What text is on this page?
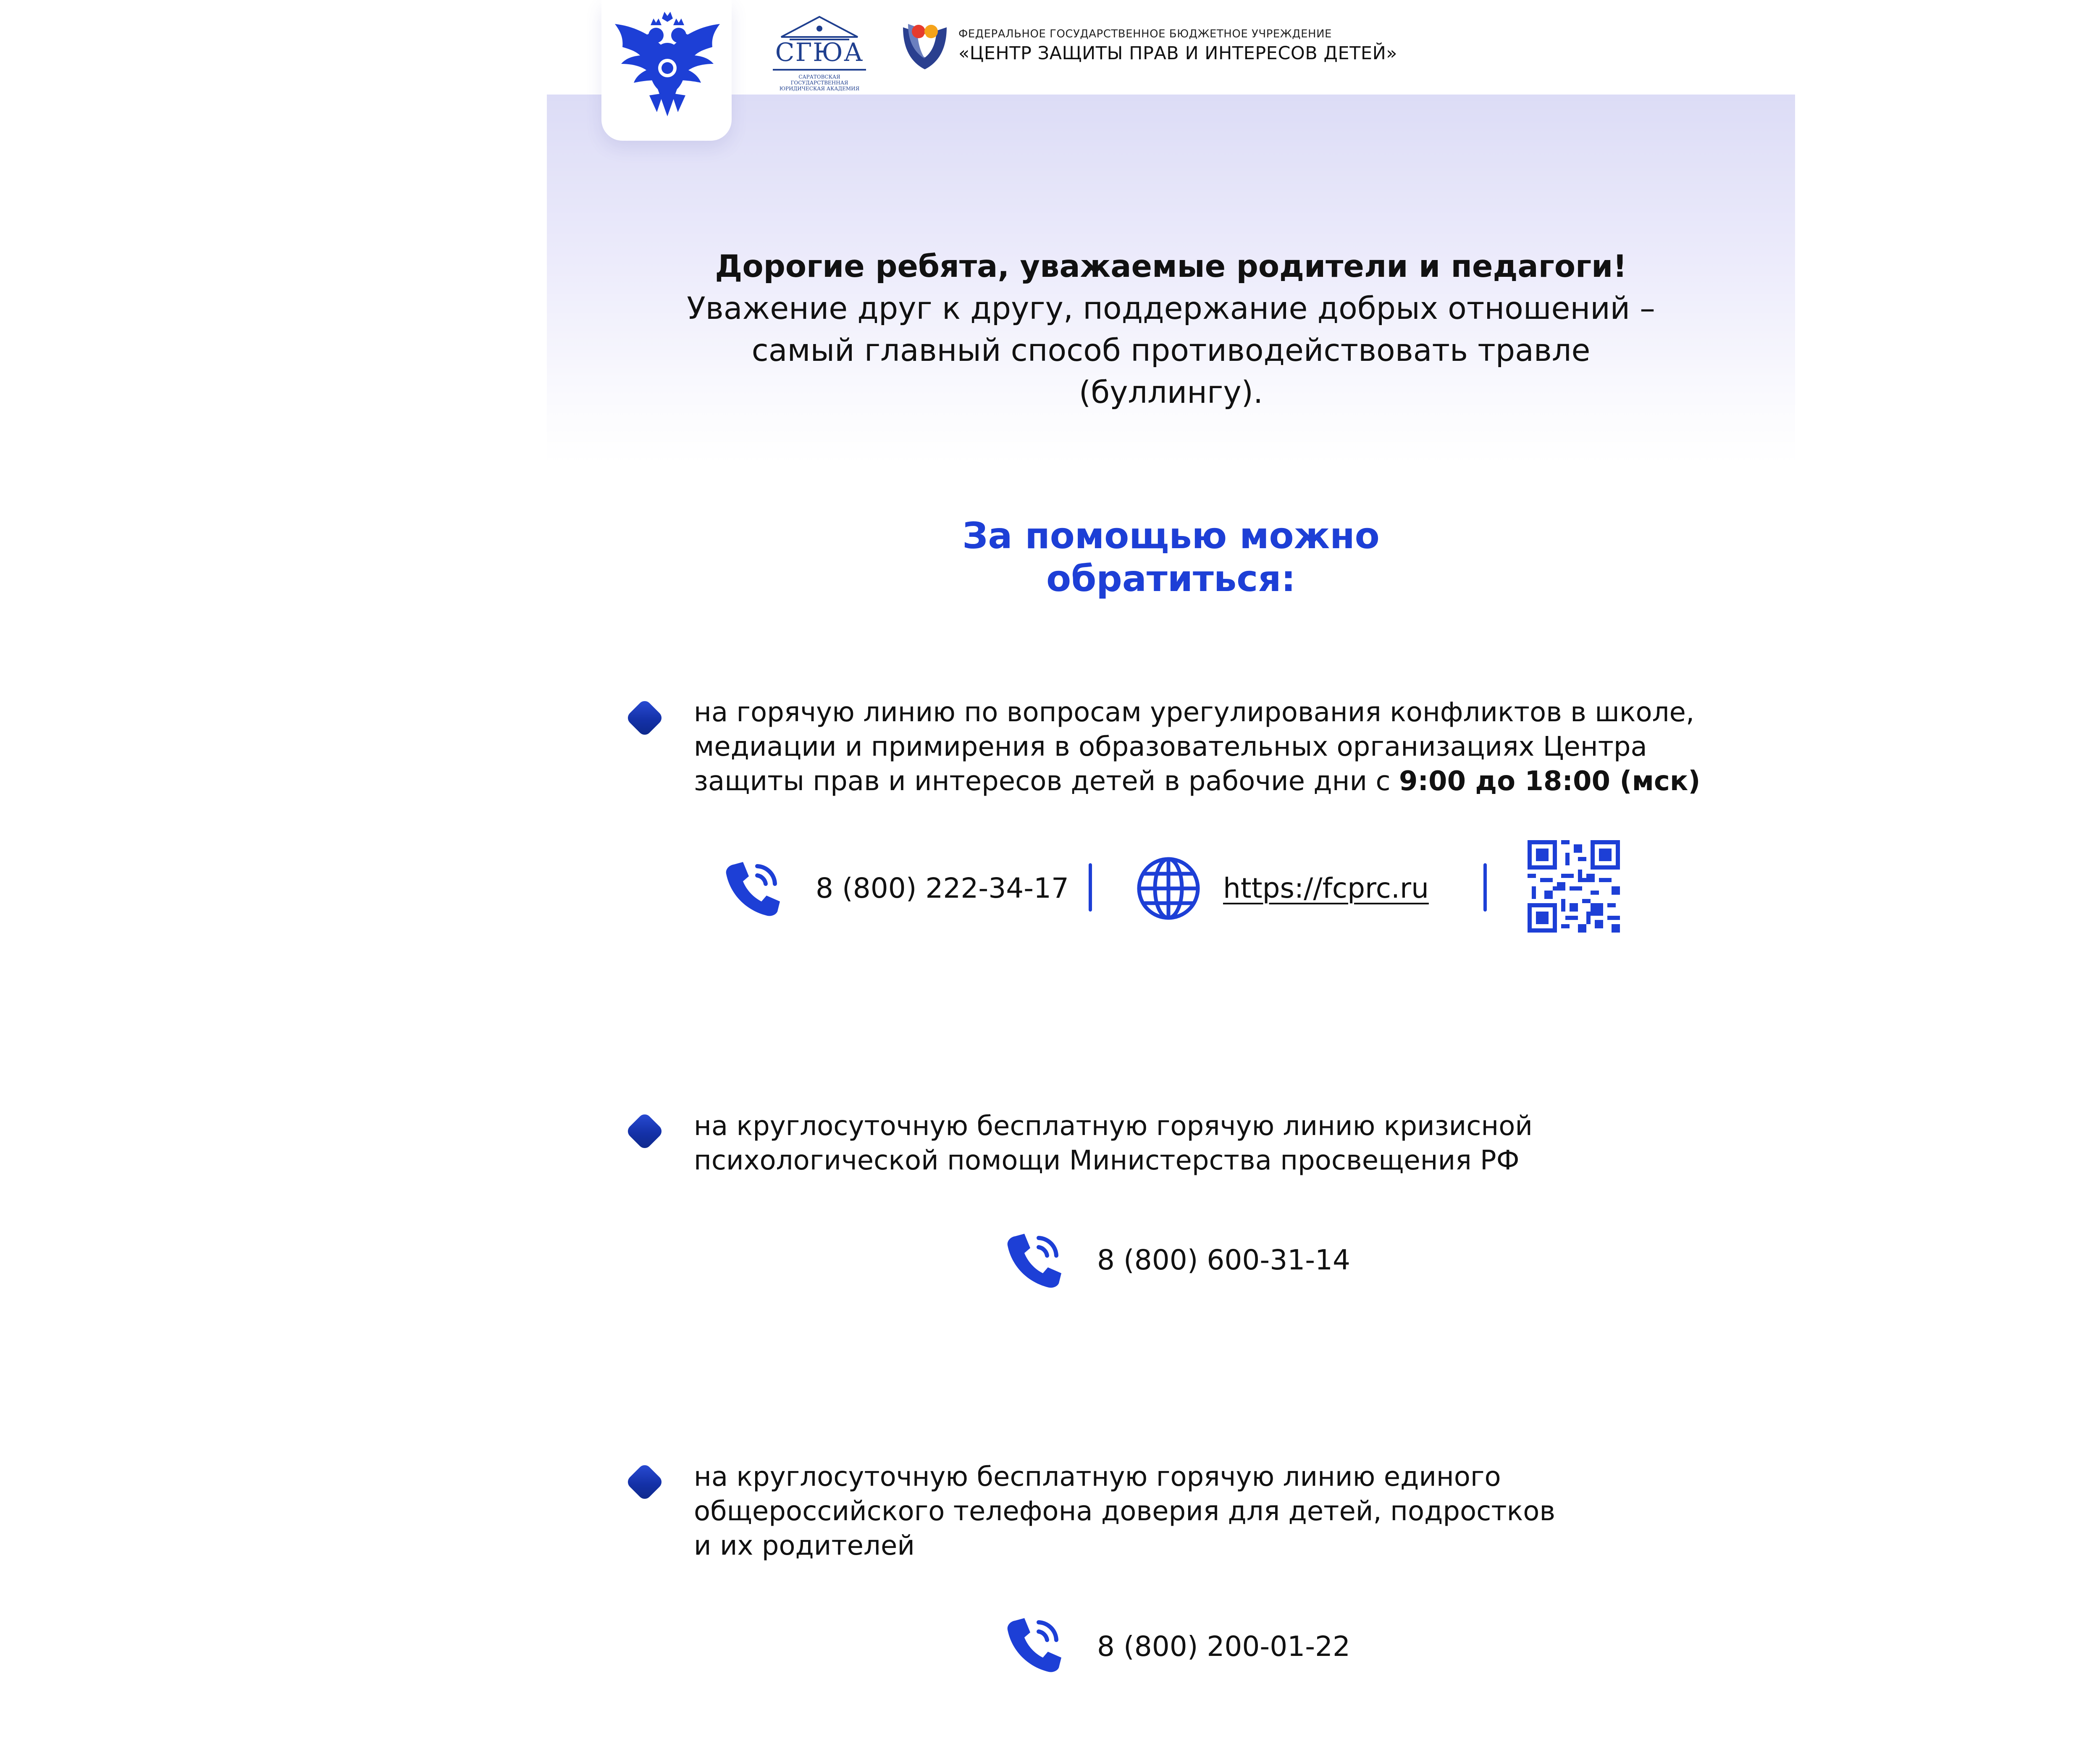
СГЮА
САРАТОВСКАЯ ГОСУДАРСТВЕННАЯ ЮРИДИЧЕСКАЯ АКАДЕМИЯ
ФЕДЕРАЛЬНОЕ ГОСУДАРСТВЕННОЕ БЮДЖЕТНОЕ УЧРЕЖДЕНИЕ
«ЦЕНТР ЗАЩИТЫ ПРАВ И ИНТЕРЕСОВ ДЕТЕЙ»
Дорогие ребята, уважаемые родители и педагоги!
Уважение друг к другу, поддержание добрых отношений –
самый главный способ противодействовать травле
(буллингу).
За помощью можно
обратиться:
на горячую линию по вопросам урегулирования конфликтов в школе,
медиации и примирения в образовательных организациях Центра
защиты прав и интересов детей в рабочие дни с 9:00 до 18:00 (мск)
8 (800) 222-34-17	https://fcprc.ru
на круглосуточную бесплатную горячую линию кризисной
психологической помощи Министерства просвещения РФ
8 (800) 600-31-14
на круглосуточную бесплатную горячую линию единого
общероссийского телефона доверия для детей, подростков
и их родителей
8 (800) 200-01-22
